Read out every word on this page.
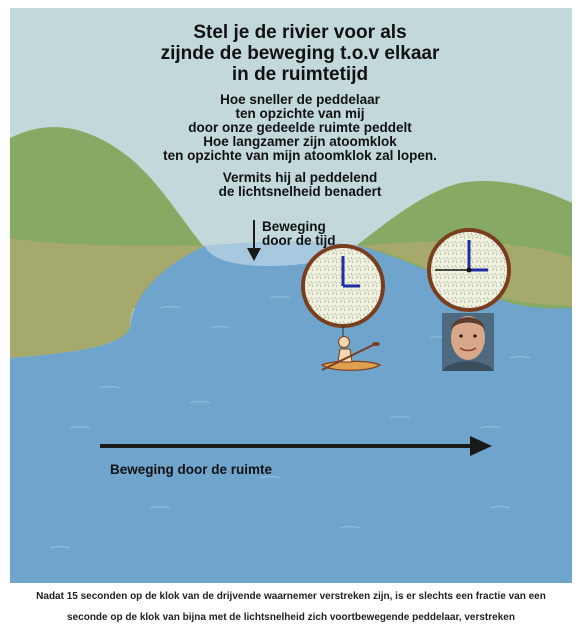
Stel je de rivier voor als
zijnde de beweging t.o.v elkaar
in de ruimtetijd
Hoe sneller de peddelaar
ten opzichte van mij
door onze gedeelde ruimte peddelt
Hoe langzamer zijn atoomklok
ten opzichte van mijn atoomklok zal lopen.
Vermits hij al peddelend
de lichtsnelheid benadert
Beweging
door de tijd
Beweging door de ruimte
Nadat 15 seconden op de klok van de drijvende waarnemer verstreken zijn, is er slechts een fractie van een
seconde op de klok van bijna met de lichtsnelheid zich voortbewegende peddelaar, verstreken
